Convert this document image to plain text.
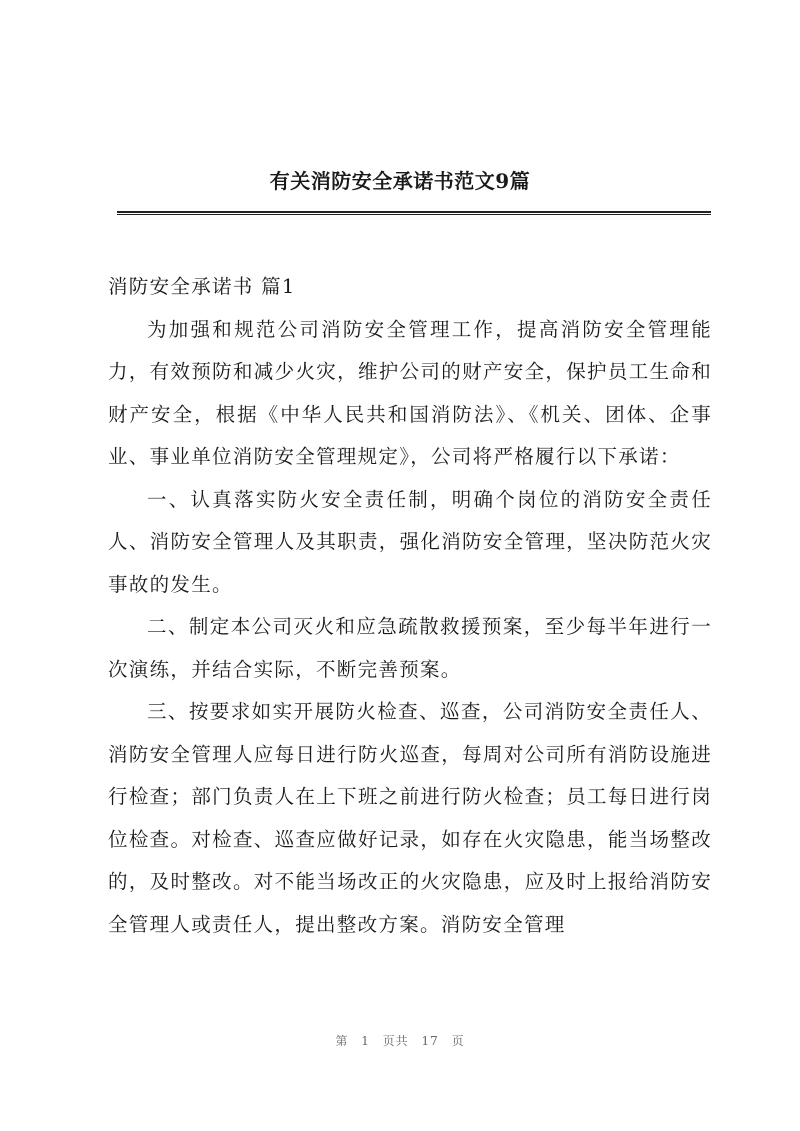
有关消防安全承诺书范文9篇
消防安全承诺书 篇1

为加强和规范公司消防安全管理工作，提高消防安全管理能力，有效预防和减少火灾，维护公司的财产安全，保护员工生命和财产安全，根据《中华人民共和国消防法》、《机关、团体、企事业、事业单位消防安全管理规定》，公司将严格履行以下承诺：

一、认真落实防火安全责任制，明确个岗位的消防安全责任人、消防安全管理人及其职责，强化消防安全管理，坚决防范火灾事故的发生。

二、制定本公司灭火和应急疏散救援预案，至少每半年进行一次演练，并结合实际，不断完善预案。

三、按要求如实开展防火检查、巡查，公司消防安全责任人、消防安全管理人应每日进行防火巡查，每周对公司所有消防设施进行检查；部门负责人在上下班之前进行防火检查；员工每日进行岗位检查。对检查、巡查应做好记录，如存在火灾隐患，能当场整改的，及时整改。对不能当场改正的火灾隐患，应及时上报给消防安全管理人或责任人，提出整改方案。消防安全管理

第 1 页共 17 页
